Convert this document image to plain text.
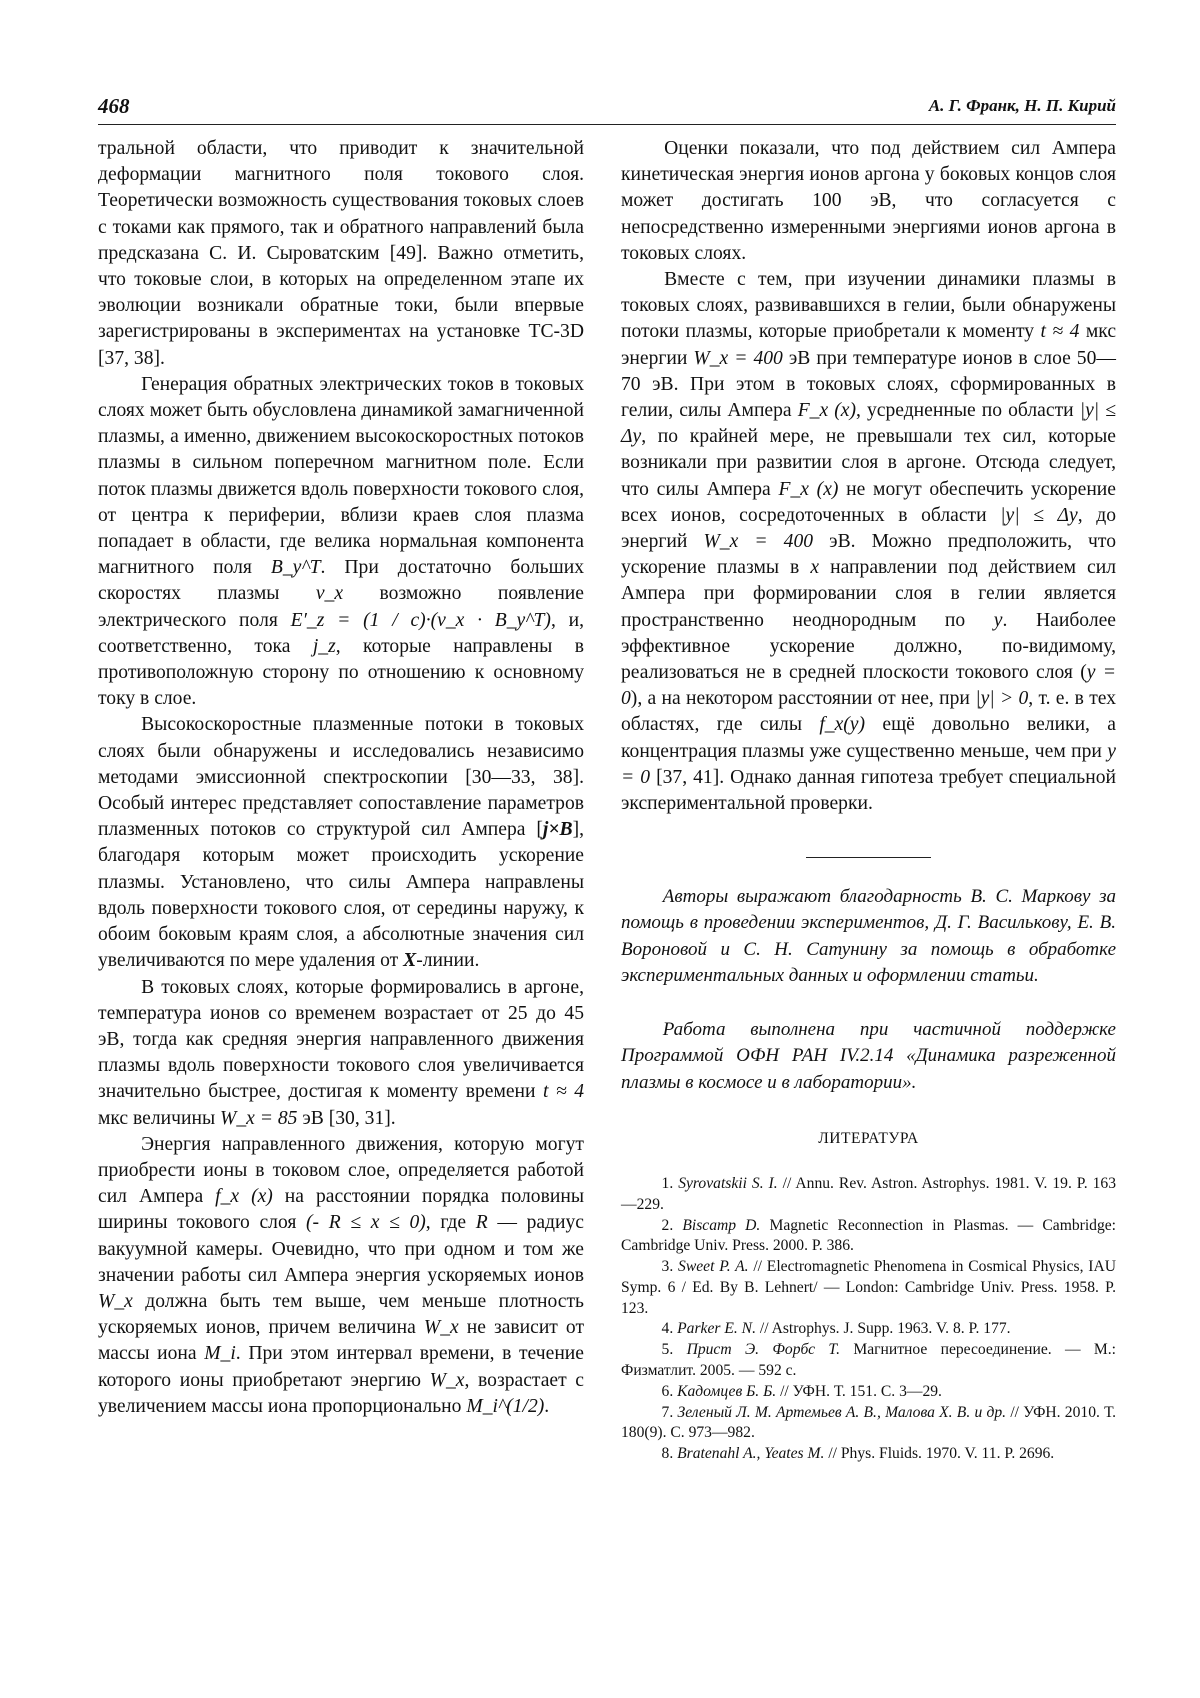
468	А. Г. Франк, Н. П. Кирий

тральной области, что приводит к значительной деформации магнитного поля токового слоя. Теоретически возможность существования токовых слоев с токами как прямого, так и обратного направлений была предсказана С. И. Сыроватским [49]. Важно отметить, что токовые слои, в которых на определенном этапе их эволюции возникали обратные токи, были впервые зарегистрированы в экспериментах на установке ТС-3D [37, 38].

Генерация обратных электрических токов в токовых слоях может быть обусловлена динамикой замагниченной плазмы, а именно, движением высокоскоростных потоков плазмы в сильном поперечном магнитном поле. Если поток плазмы движется вдоль поверхности токового слоя, от центра к периферии, вблизи краев слоя плазма попадает в области, где велика нормальная компонента магнитного поля B_y^T. При достаточно больших скоростях плазмы v_x возможно появление электрического поля E′_z = (1 / c)·(v_x · B_y^T), и, соответственно, тока j_z, которые направлены в противоположную сторону по отношению к основному току в слое.

Высокоскоростные плазменные потоки в токовых слоях были обнаружены и исследовались независимо методами эмиссионной спектроскопии [30—33, 38]. Особый интерес представляет сопоставление параметров плазменных потоков со структурой сил Ампера [j×B], благодаря которым может происходить ускорение плазмы. Установлено, что силы Ампера направлены вдоль поверхности токового слоя, от середины наружу, к обоим боковым краям слоя, а абсолютные значения сил увеличиваются по мере удаления от X-линии.

В токовых слоях, которые формировались в аргоне, температура ионов со временем возрастает от 25 до 45 эВ, тогда как средняя энергия направленного движения плазмы вдоль поверхности токового слоя увеличивается значительно быстрее, достигая к моменту времени t ≈ 4 мкс величины W_x = 85 эВ [30, 31].

Энергия направленного движения, которую могут приобрести ионы в токовом слое, определяется работой сил Ампера f_x (x) на расстоянии порядка половины ширины токового слоя (- R ≤ x ≤ 0), где R — радиус вакуумной камеры. Очевидно, что при одном и том же значении работы сил Ампера энергия ускоряемых ионов W_x должна быть тем выше, чем меньше плотность ускоряемых ионов, причем величина W_x не зависит от массы иона M_i. При этом интервал времени, в течение которого ионы приобретают энергию W_x, возрастает с увеличением массы иона пропорционально M_i^(1/2).

Оценки показали, что под действием сил Ампера кинетическая энергия ионов аргона у боковых концов слоя может достигать 100 эВ, что согласуется с непосредственно измеренными энергиями ионов аргона в токовых слоях.

Вместе с тем, при изучении динамики плазмы в токовых слоях, развивавшихся в гелии, были обнаружены потоки плазмы, которые приобретали к моменту t ≈ 4 мкс энергии W_x = 400 эВ при температуре ионов в слое 50—70 эВ. При этом в токовых слоях, сформированных в гелии, силы Ампера F_x (x), усредненные по области |y| ≤ Δy, по крайней мере, не превышали тех сил, которые возникали при развитии слоя в аргоне. Отсюда следует, что силы Ампера F_x (x) не могут обеспечить ускорение всех ионов, сосредоточенных в области |y| ≤ Δy, до энергий W_x = 400 эВ. Можно предположить, что ускорение плазмы в x направлении под действием сил Ампера при формировании слоя в гелии является пространственно неоднородным по y. Наиболее эффективное ускорение должно, по-видимому, реализоваться не в средней плоскости токового слоя (y = 0), а на некотором расстоянии от нее, при |y| > 0, т. е. в тех областях, где силы f_x(y) ещё довольно велики, а концентрация плазмы уже существенно меньше, чем при y = 0 [37, 41]. Однако данная гипотеза требует специальной экспериментальной проверки.

Авторы выражают благодарность В. С. Маркову за помощь в проведении экспериментов, Д. Г. Васильковy, Е. В. Вороновой и С. Н. Сатунину за помощь в обработке экспериментальных данных и оформлении статьи.
Работа выполнена при частичной поддержке Программой ОФН РАН IV.2.14 «Динамика разреженной плазмы в космосе и в лаборатории».
ЛИТЕРАТУРА
1. Syrovatskii S. I. // Annu. Rev. Astron. Astrophys. 1981. V. 19. P. 163—229.
2. Biscamp D. Magnetic Reconnection in Plasmas. — Cambridge: Cambridge Univ. Press. 2000. P. 386.
3. Sweet P. A. // Electromagnetic Phenomena in Cosmical Physics, IAU Symp. 6 / Ed. By B. Lehnert/ — London: Cambridge Univ. Press. 1958. P. 123.
4. Parker E. N. // Astrophys. J. Supp. 1963. V. 8. P. 177.
5. Прист Э. Форбс Т. Магнитное пересоединение. — М.: Физматлит. 2005. — 592 с.
6. Кадомцев Б. Б. // УФН. Т. 151. С. 3—29.
7. Зеленый Л. М. Артемьев А. В., Малова Х. В. и др. // УФН. 2010. Т. 180(9). С. 973—982.
8. Bratenahl A., Yeates M. // Phys. Fluids. 1970. V. 11. P. 2696.
